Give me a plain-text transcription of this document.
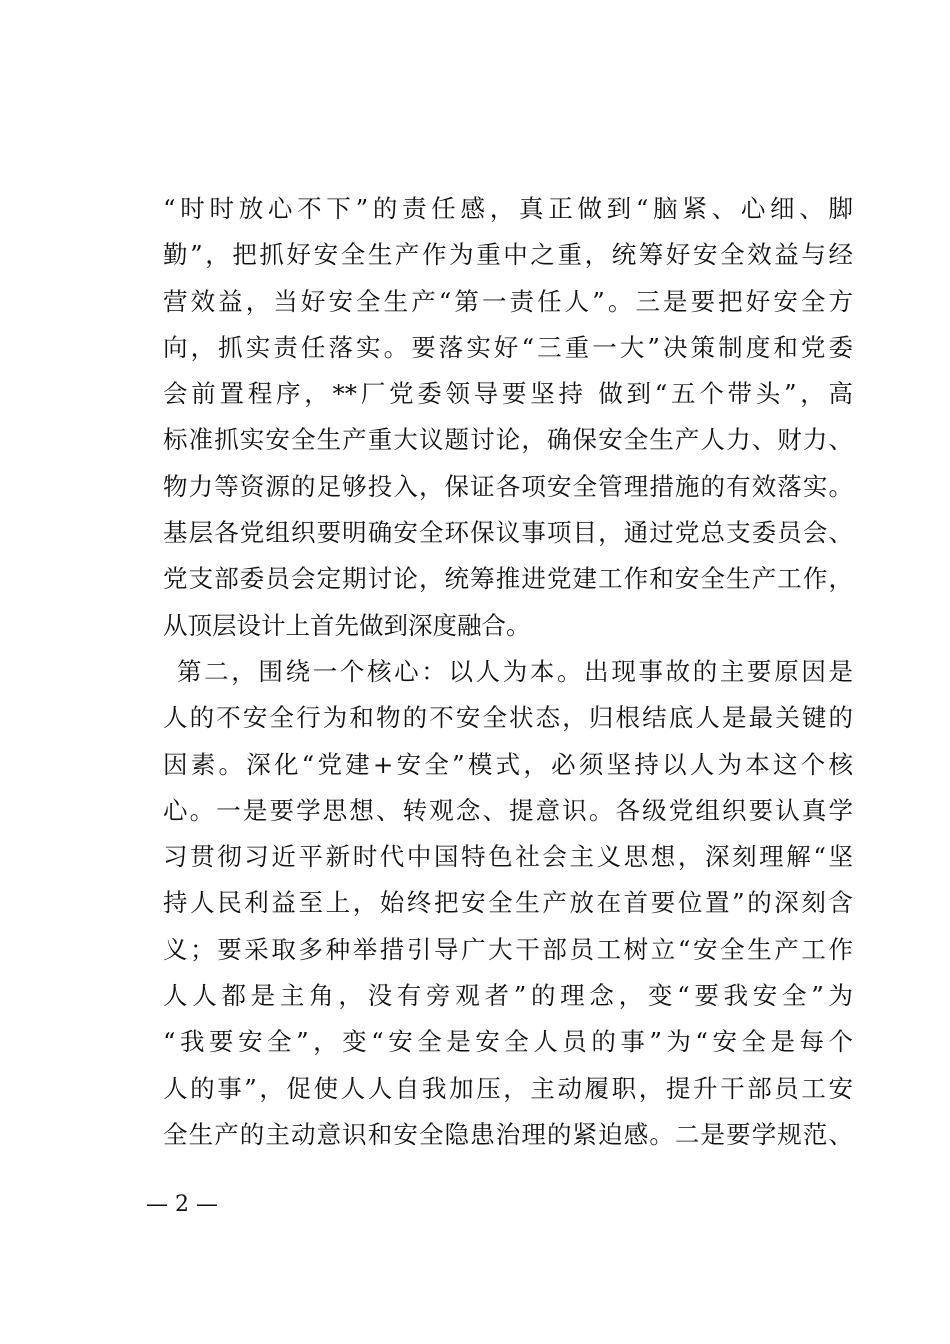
“时时放心不下”的责任感，真正做到“脑紧、心细、脚
勤”，把抓好安全生产作为重中之重，统筹好安全效益与经
营效益，当好安全生产“第一责任人”。三是要把好安全方
向，抓实责任落实。要落实好“三重一大”决策制度和党委
会前置程序，**厂党委领导要坚持 做到“五个带头”，高
标准抓实安全生产重大议题讨论，确保安全生产人力、财力、
物力等资源的足够投入，保证各项安全管理措施的有效落实。
基层各党组织要明确安全环保议事项目，通过党总支委员会、
党支部委员会定期讨论，统筹推进党建工作和安全生产工作，
从顶层设计上首先做到深度融合。
第二，围绕一个核心：以人为本。出现事故的主要原因是
人的不安全行为和物的不安全状态，归根结底人是最关键的
因素。深化“党建+安全”模式，必须坚持以人为本这个核
心。一是要学思想、转观念、提意识。各级党组织要认真学
习贯彻习近平新时代中国特色社会主义思想，深刻理解“坚
持人民利益至上，始终把安全生产放在首要位置”的深刻含
义；要采取多种举措引导广大干部员工树立“安全生产工作
人人都是主角，没有旁观者”的理念，变“要我安全”为
“我要安全”，变“安全是安全人员的事”为“安全是每个
人的事”，促使人人自我加压，主动履职，提升干部员工安
全生产的主动意识和安全隐患治理的紧迫感。二是要学规范、
— 2 —
